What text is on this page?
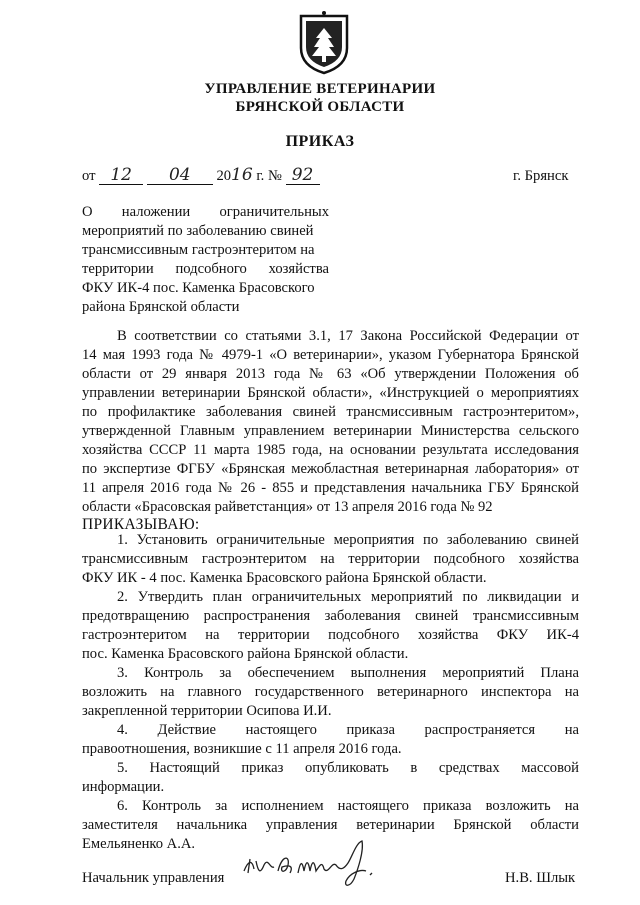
УПРАВЛЕНИЕ ВЕТЕРИНАРИИ
БРЯНСКОЙ ОБЛАСТИ
ПРИКАЗ
от 12 04 2016 г. № 92	г. Брянск
О наложении ограничительных
мероприятий по заболеванию свиней
трансмиссивным гастроэнтеритом на
территории подсобного хозяйства
ФКУ ИК-4 пос. Каменка Брасовского
района Брянской области
В соответствии со статьями 3.1, 17 Закона Российской Федерации от
14 мая 1993 года № 4979-1 «О ветеринарии», указом Губернатора Брянской
области от 29 января 2013 года № 63 «Об утверждении Положения об
управлении ветеринарии Брянской области», «Инструкцией о мероприятиях
по профилактике заболевания свиней трансмиссивным гастроэнтеритом»,
утвержденной Главным управлением ветеринарии Министерства сельского
хозяйства СССР 11 марта 1985 года, на основании результата исследования
по экспертизе ФГБУ «Брянская межобластная ветеринарная лаборатория» от
11 апреля 2016 года № 26 - 855 и представления начальника ГБУ Брянской
области «Брасовская райветстанция» от 13 апреля 2016 года № 92
ПРИКАЗЫВАЮ:
1. Установить ограничительные мероприятия по заболеванию свиней
трансмиссивным гастроэнтеритом на территории подсобного хозяйства
ФКУ ИК - 4 пос. Каменка Брасовского района Брянской области.
2. Утвердить план ограничительных мероприятий по ликвидации и
предотвращению распространения заболевания свиней трансмиссивным
гастроэнтеритом на территории подсобного хозяйства ФКУ ИК-4
пос. Каменка Брасовского района Брянской области.
3. Контроль за обеспечением выполнения мероприятий Плана
возложить на главного государственного ветеринарного инспектора на
закрепленной территории Осипова И.И.
4. Действие настоящего приказа распространяется на
правоотношения, возникшие с 11 апреля 2016 года.
5. Настоящий приказ опубликовать в средствах массовой
информации.
6. Контроль за исполнением настоящего приказа возложить на
заместителя начальника управления ветеринарии Брянской области
Емельяненко А.А.
Начальник управления	Н.В. Шлык
